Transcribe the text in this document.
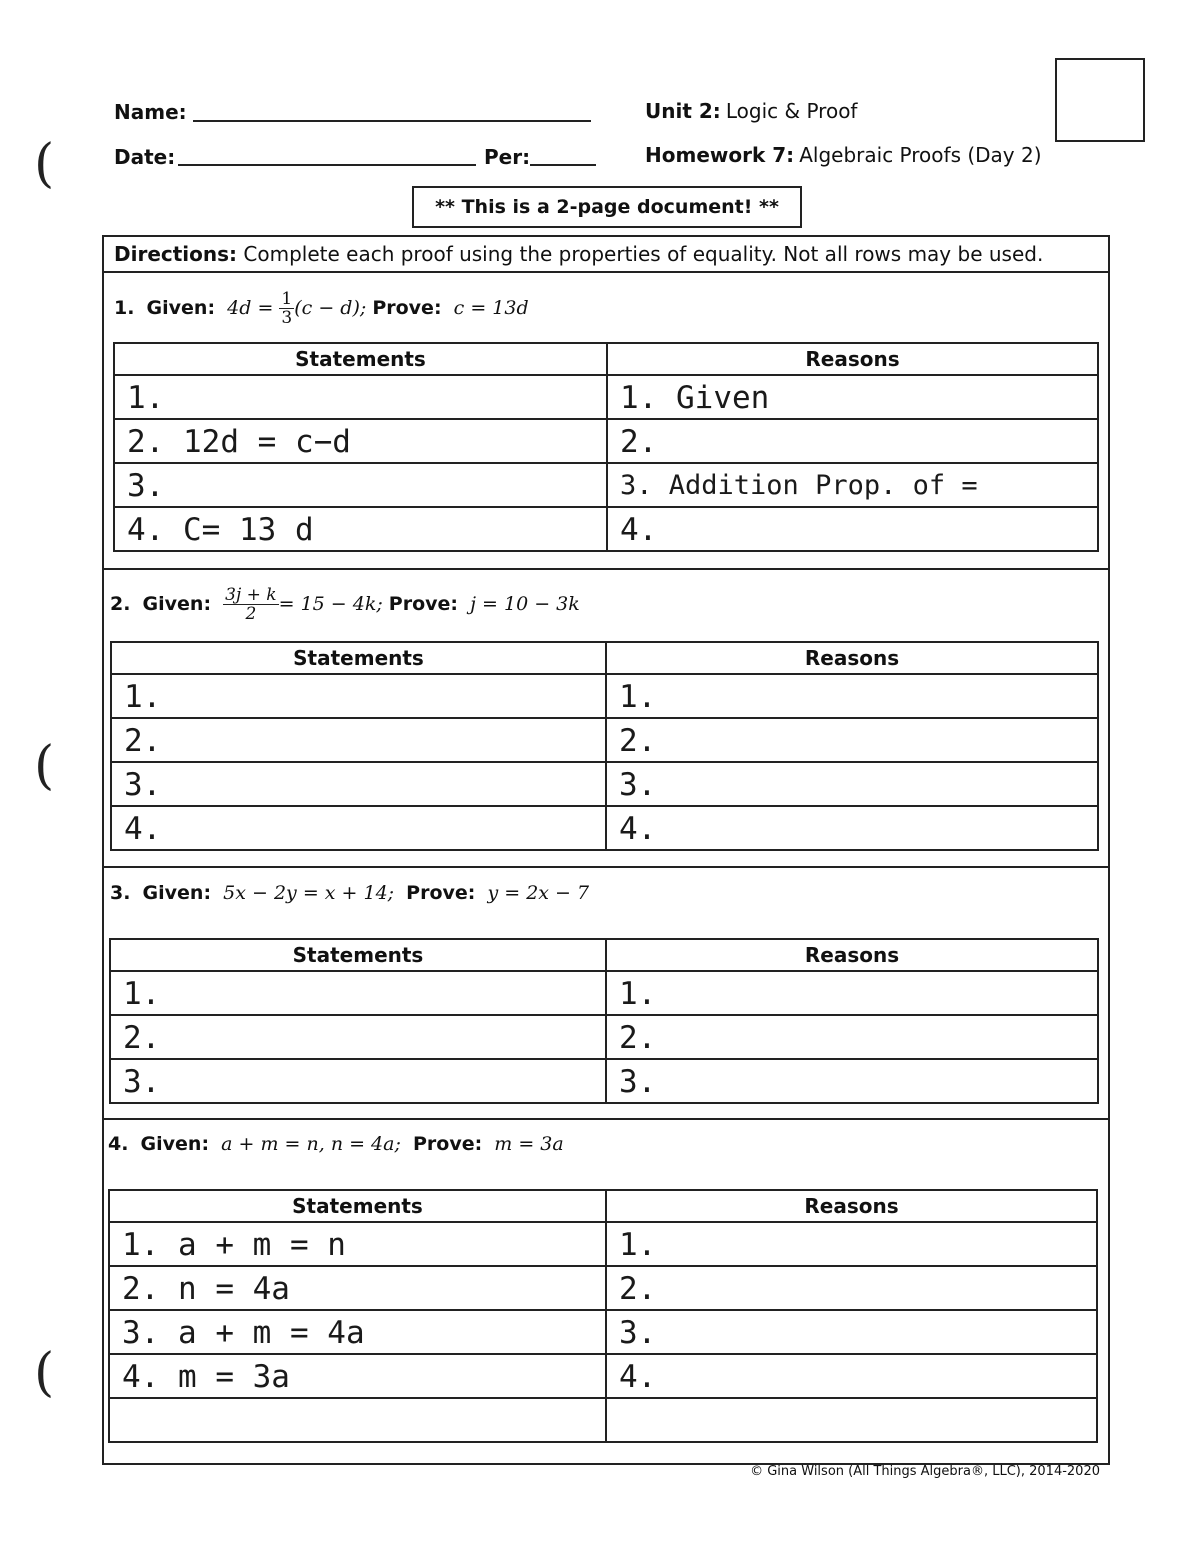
(
(
(
Name:
Date:	Per:
Unit 2: Logic & Proof
Homework 7: Algebraic Proofs (Day 2)
** This is a 2-page document! **
Directions: Complete each proof using the properties of equality. Not all rows may be used.
1. Given: $4d = \frac{1}{3} (c - d)$; Prove: c = 13d
Statements	Reasons
1.	1. Given
2. 12d = c−d	2.
3.	3. Addition Prop. of =
4. C= 13 d	4.
2. Given: $\frac{3j + k}{2} = 15 - 4k$; Prove: j = 10 − 3k
Statements	Reasons
1.	1.
2.	2.
3.	3.
4.	4.
3. Given: 5x − 2y = x + 14; Prove: y = 2x − 7
Statements	Reasons
1.	1.
2.	2.
3.	3.
4. Given: a + m = n, n = 4a; Prove: m = 3a
Statements	Reasons
1. a + m = n	1.
2. n = 4a	2.
3. a + m = 4a	3.
4. m = 3a	4.

© Gina Wilson (All Things Algebra®, LLC), 2014-2020
